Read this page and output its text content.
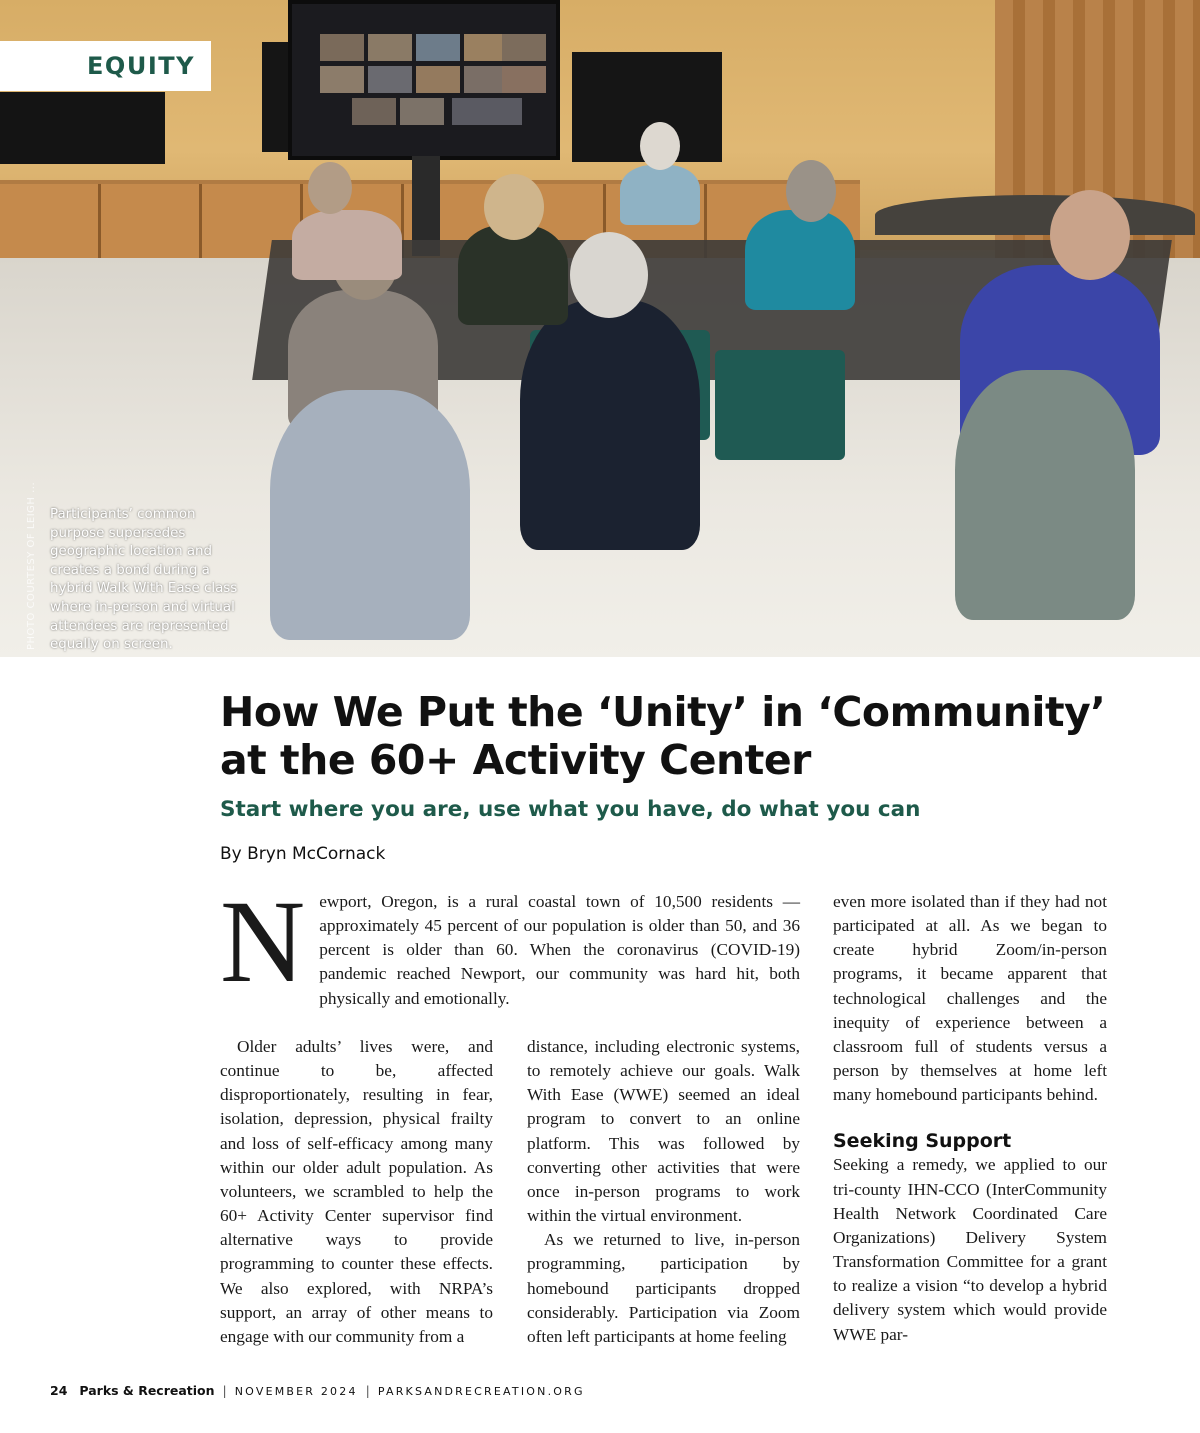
EQUITY
PHOTO COURTESY OF LEIGH ... Participants’ common purpose supersedes geographic location and creates a bond during a hybrid Walk With Ease class where in-person and virtual attendees are represented equally on screen.
How We Put the ‘Unity’ in ‘Community’ at the 60+ Activity Center
Start where you are, use what you have, do what you can
By Bryn McCornack
N ewport, Oregon, is a rural coastal town of 10,500 residents — approximately 45 percent of our population is older than 50, and 36 percent is older than 60. When the coronavirus (COVID-19) pandemic reached Newport, our community was hard hit, both physically and emotionally.

Older adults’ lives were, and continue to be, affected disproportionately, resulting in fear, isolation, depression, physical frailty and loss of self-efficacy among many within our older adult population. As volunteers, we scrambled to help the 60+ Activity Center supervisor find alternative ways to provide programming to counter these effects. We also explored, with NRPA’s support, an array of other means to engage with our community from a

distance, including electronic systems, to remotely achieve our goals. Walk With Ease (WWE) seemed an ideal program to convert to an online platform. This was followed by converting other activities that were once in-person programs to work within the virtual environment.

As we returned to live, in-person programming, participation by homebound participants dropped considerably. Participation via Zoom often left participants at home feeling

even more isolated than if they had not participated at all. As we began to create hybrid Zoom/in-person programs, it became apparent that technological challenges and the inequity of experience between a classroom full of students versus a person by themselves at home left many homebound participants behind.

Seeking Support

Seeking a remedy, we applied to our tri-county IHN-CCO (InterCommunity Health Network Coordinated Care Organizations) Delivery System Transformation Committee for a grant to realize a vision “to develop a hybrid delivery system which would provide WWE par-

24 Parks & Recreation | NOVEMBER 2024 | PARKSANDRECREATION.ORG
